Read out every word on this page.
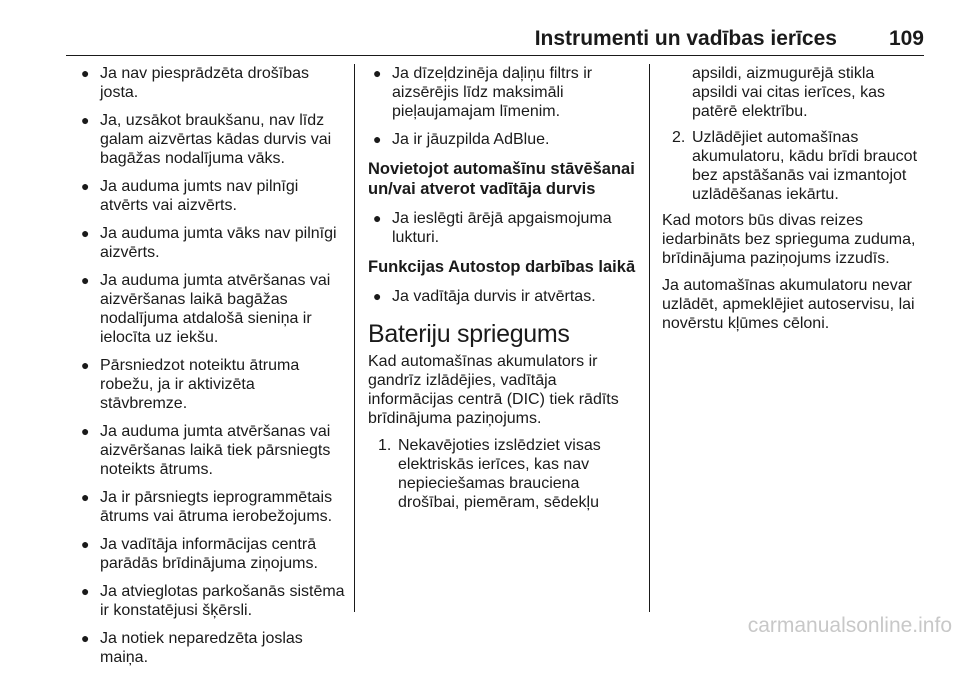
Instrumenti un vadības ierīces 109
● Ja nav piesprādzēta drošības josta.
● Ja, uzsākot braukšanu, nav līdz galam aizvērtas kādas durvis vai bagāžas nodalījuma vāks.
● Ja auduma jumts nav pilnīgi atvērts vai aizvērts.
● Ja auduma jumta vāks nav pilnīgi aizvērts.
● Ja auduma jumta atvēršanas vai aizvēršanas laikā bagāžas nodalījuma atdalošā sieniņa ir ielocīta uz iekšu.
● Pārsniedzot noteiktu ātruma robežu, ja ir aktivizēta stāvbremze.
● Ja auduma jumta atvēršanas vai aizvēršanas laikā tiek pārsniegts noteikts ātrums.
● Ja ir pārsniegts ieprogrammētais ātrums vai ātruma ierobežojums.
● Ja vadītāja informācijas centrā parādās brīdinājuma ziņojums.
● Ja atvieglotas parkošanās sistēma ir konstatējusi šķērsli.
● Ja notiek neparedzēta joslas maiņa.
● Ja dīzeļdzinēja daļiņu filtrs ir aizsērējis līdz maksimāli pieļaujamajam līmenim.
● Ja ir jāuzpilda AdBlue.
Novietojot automašīnu stāvēšanai un/vai atverot vadītāja durvis
● Ja ieslēgti ārējā apgaismojuma lukturi.
Funkcijas Autostop darbības laikā
● Ja vadītāja durvis ir atvērtas.
Bateriju spriegums

Kad automašīnas akumulators ir gandrīz izlādējies, vadītāja informācijas centrā (DIC) tiek rādīts brīdinājuma paziņojums.

1. Nekavējoties izslēdziet visas elektriskās ierīces, kas nav nepieciešamas brauciena drošībai, piemēram, sēdekļu
apsildi, aizmugurējā stikla apsildi vai citas ierīces, kas patērē elektrību.
2. Uzlādējiet automašīnas akumulatoru, kādu brīdi braucot bez apstāšanās vai izmantojot uzlādēšanas iekārtu.

Kad motors būs divas reizes iedarbināts bez sprieguma zuduma, brīdinājuma paziņojums izzudīs.

Ja automašīnas akumulatoru nevar uzlādēt, apmeklējiet autoservisu, lai novērstu kļūmes cēloni.

carmanualsonline.info
